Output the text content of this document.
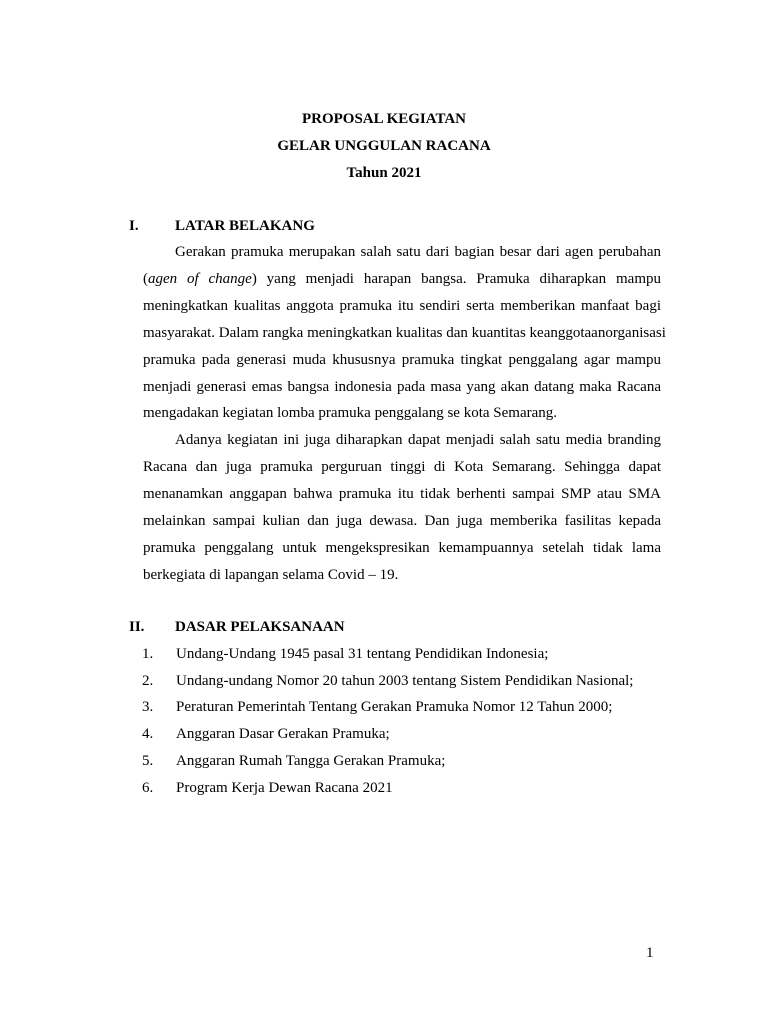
PROPOSAL KEGIATAN
GELAR UNGGULAN RACANA
Tahun 2021
I. LATAR BELAKANG
Gerakan pramuka merupakan salah satu dari bagian besar dari agen perubahan
(agen of change) yang menjadi harapan bangsa. Pramuka diharapkan mampu
meningkatkan kualitas anggota pramuka itu sendiri serta memberikan manfaat bagi
masyarakat. Dalam rangka meningkatkan kualitas dan kuantitas keanggotaanorganisasi
pramuka pada generasi muda khususnya pramuka tingkat penggalang agar mampu
menjadi generasi emas bangsa indonesia pada masa yang akan datang maka Racana
mengadakan kegiatan lomba pramuka penggalang se kota Semarang.
Adanya kegiatan ini juga diharapkan dapat menjadi salah satu media branding
Racana dan juga pramuka perguruan tinggi di Kota Semarang. Sehingga dapat
menanamkan anggapan bahwa pramuka itu tidak berhenti sampai SMP atau SMA
melainkan sampai kulian dan juga dewasa. Dan juga memberika fasilitas kepada
pramuka penggalang untuk mengekspresikan kemampuannya setelah tidak lama
berkegiata di lapangan selama Covid – 19.
II. DASAR PELAKSANAAN
1. Undang-Undang 1945 pasal 31 tentang Pendidikan Indonesia;
2. Undang-undang Nomor 20 tahun 2003 tentang Sistem Pendidikan Nasional;
3. Peraturan Pemerintah Tentang Gerakan Pramuka Nomor 12 Tahun 2000;
4. Anggaran Dasar Gerakan Pramuka;
5. Anggaran Rumah Tangga Gerakan Pramuka;
6. Program Kerja Dewan Racana 2021
1
